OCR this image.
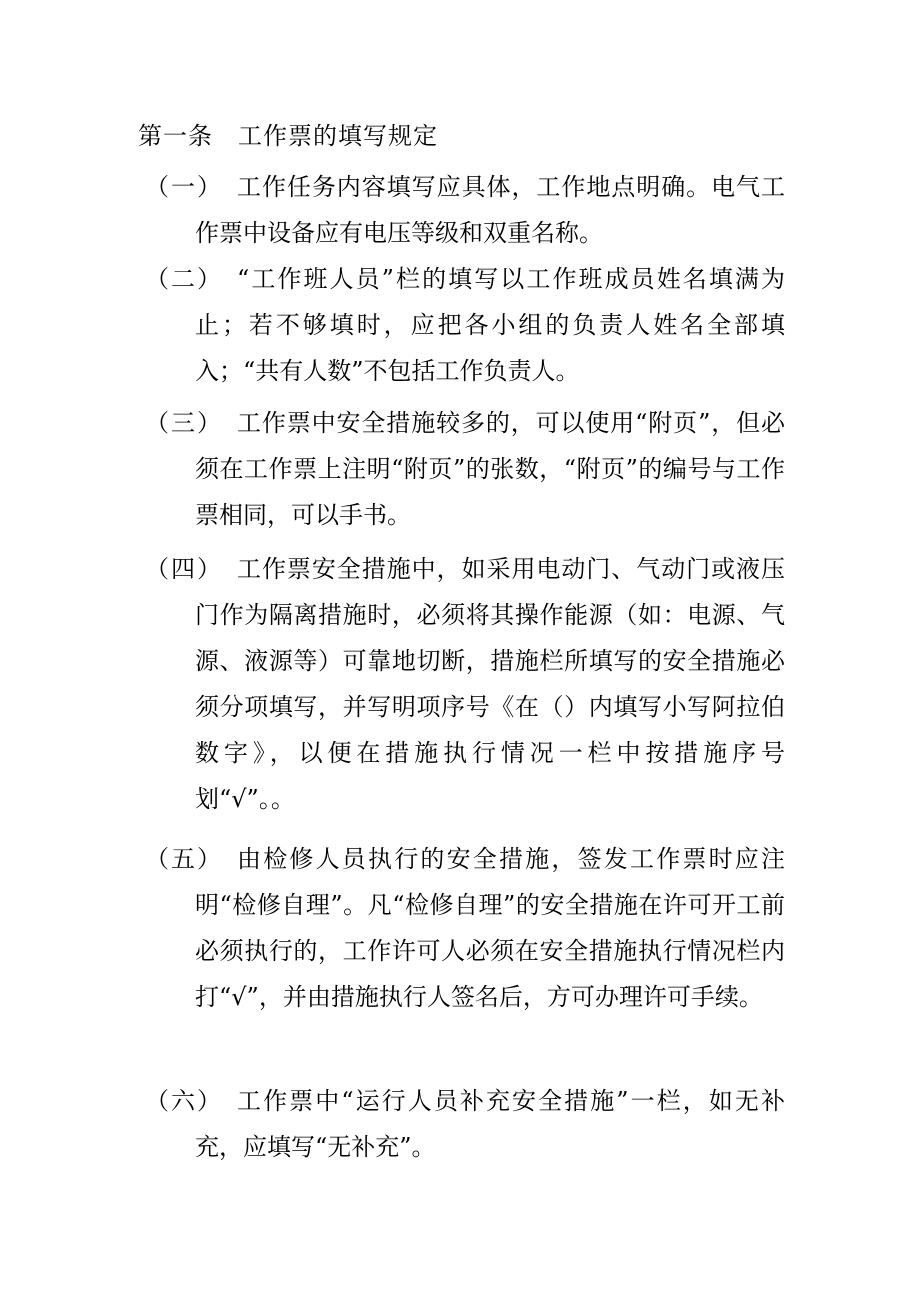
第一条　工作票的填写规定
（一） 工作任务内容填写应具体，工作地点明确。电气工作票中设备应有电压等级和双重名称。
（二） “工作班人员”栏的填写以工作班成员姓名填满为止；若不够填时，应把各小组的负责人姓名全部填入；“共有人数”不包括工作负责人。
（三） 工作票中安全措施较多的，可以使用“附页”，但必须在工作票上注明“附页”的张数，“附页”的编号与工作票相同，可以手书。
（四） 工作票安全措施中，如采用电动门、气动门或液压门作为隔离措施时，必须将其操作能源（如：电源、气源、液源等）可靠地切断，措施栏所填写的安全措施必须分项填写，并写明项序号《在（）内填写小写阿拉伯数字》，以便在措施执行情况一栏中按措施序号划“√”。。
（五） 由检修人员执行的安全措施，签发工作票时应注明“检修自理”。凡“检修自理”的安全措施在许可开工前必须执行的，工作许可人必须在安全措施执行情况栏内打“√”，并由措施执行人签名后，方可办理许可手续。
（六） 工作票中“运行人员补充安全措施”一栏，如无补充，应填写“无补充”。
